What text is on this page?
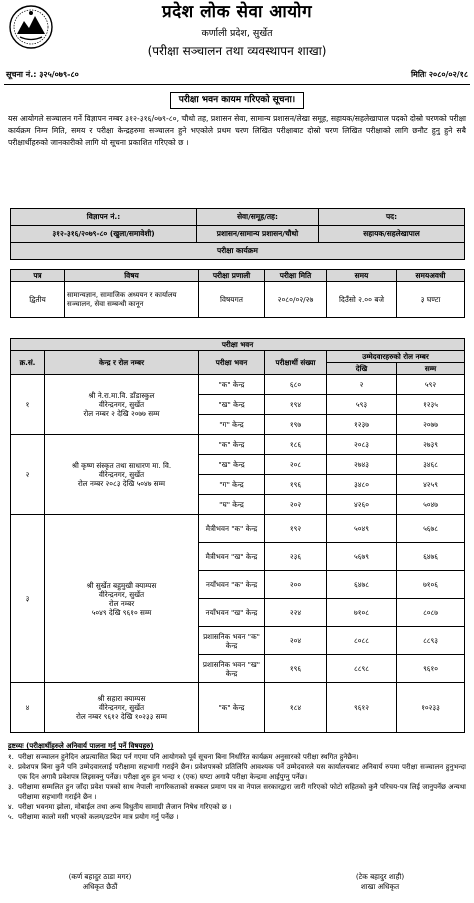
प्रदेश लोक सेवा आयोग
कर्णाली प्रदेश, सुर्खेत
(परीक्षा सञ्चालन तथा व्यवस्थापन शाखा)
सूचना नं.: ३२५/०७९-८०	मितिः २०८०/०२/१८
परीक्षा भवन कायम गरिएको सूचना।

यस आयोगले सञ्चालन गर्ने विज्ञापन नम्बर ३१२-३१६/०७९-८०, चौथो तह, प्रशासन सेवा, सामान्य प्रशासन/लेखा समूह, सहायक/सहलेखापाल पदको दोस्रो चरणको परीक्षा कार्यक्रम निम्न मिति, समय र परीक्षा केन्द्रहरुमा सञ्चालन हुने भएकोले प्रथम चरण लिखित परीक्षाबाट दोस्रो चरण लिखित परीक्षाको लागि छनौट हुनु हुने सबै परीक्षार्थीहरुको जानकारीको लागि यो सूचना प्रकाशित गरिएको छ ।

विज्ञापन नं.:	सेवा/समूह/तह:	पद:
३१२-३१६/२०७९-८० (खुला/समावेशी)	प्रशासन/सामान्य प्रशासन/चौथो	सहायक/सहलेखापाल
परीक्षा कार्यक्रम		
पत्र	विषय	परीक्षा प्रणाली	परीक्षा मिति	समय	समयअवधी
द्वितीय	सामान्यज्ञान, सामाजिक अध्ययन र कार्यालय सञ्चालन, सेवा सम्बन्धी कानून	विषयगत	२०८०/०२/२७	दिउँसो २.०० बजे	३ घण्टा
परीक्षा भवन					
क्र.सं.	केन्द्र र रोल नम्बर	परीक्षा भवन	परीक्षार्थी संख्या	उम्मेदवारहरुको रोल नम्बर	
				देखि	सम्म
१	श्री ने.रा.मा.वि. डाँडास्कुल
वीरेन्द्रनगर, सुर्खेत
रोल नम्बर २ देखि २०७७ सम्म	"क" केन्द्र	६८०	२	५९२
		"ख" केन्द्र	१९४	५९३	१२३५
		"ग" केन्द्र	१९७	१२३७	२०७७
२	श्री कृष्ण संस्कृत तथा साधारण मा. वि.
वीरेन्द्रनगर, सुर्खेत
रोल नम्बर २०८३ देखि ५०४७ सम्म	"क" केन्द्र	१८६	२०८३	२७३९
		"ख" केन्द्र	२०८	२७४३	३४६८
		"ग" केन्द्र	१९६	३४८०	४२५९
		"घ" केन्द्र	२०२	४२६०	५०४७
३	श्री सुर्खेत बहुमुखी क्याम्पस
वीरेन्द्रनगर, सुर्खेत
रोल नम्बर
५०४९ देखि ९६१० सम्म	मैत्रीभवन "क" केन्द्र	१९२	५०४९	५६७८
		मैत्रीभवन "ख" केन्द्र	२३६	५६७९	६४७६
		नयाँभवन "क" केन्द्र	२००	६४७८	७१०६
		नयाँभवन "ख" केन्द्र	२२४	७१०८	८०८७
		प्रशासनिक भवन "क" केन्द्र	२०४	८०८८	८८९३
		प्रशासनिक भवन "ख" केन्द्र	१९६	८८९८	९६१०
४	श्री सहारा क्याम्पस
वीरेन्द्रनगर, सुर्खेत
रोल नम्बर ९६१२ देखि १०२३३ सम्म	"क" केन्द्र	१८४	९६१२	१०२३३
द्रष्टव्यः (परीक्षार्थीहरुले अनिवार्य पालना गर्नु पर्ने विषयहरु)
१. परीक्षा सञ्चालन हुनेदिन अप्रत्यासित बिदा पर्न गएमा पनि आयोगको पूर्व सूचना बिना निर्धारित कार्यक्रम अनुसारको परीक्षा स्थगित हुनेछैन।
२. प्रवेशपत्र बिना कुनै पनि उम्मेदवारलाई परीक्षामा सहभागी गराईने छैन। प्रवेशपत्रको प्रतिलिपि आवश्यक पर्ने उम्मेदवारले यस कार्यालयबाट अनिवार्य रुपमा परीक्षा सञ्चालन हुनुभन्दा एक दिन अगावै प्रवेशपत्र लिइसक्नु पर्नेछ। परीक्षा शुरु हुन भन्दा १ (एक) घण्टा अगावै परीक्षा केन्द्रमा आईपुग्नु पर्नेछ।
३. परीक्षामा सम्मलित हुन जाँदा प्रवेश पत्रको साथ नेपाली नागरिकताको सक्कल प्रमाण पत्र वा नेपाल सरकारद्वारा जारी गरिएको फोटो सहितको कुनै परिचय-पत्र लिई जानुपर्नेछ अन्यथा परीक्षामा सहभागी गराईने छैन ।
४. परीक्षा भवनमा झोला, मोबाईल तथा अन्य विधुतीय सामाग्री लैजान निषेध गरिएको छ ।
५. परीक्षामा कालो मसी भएको कलम/डटपेन मात्र प्रयोग गर्नु पर्नेछ ।
(कर्ण बहादुर ठाडा मगर)
अधिकृत छैठौं
(टेक बहादुर शाही)
शाखा अधिकृत
